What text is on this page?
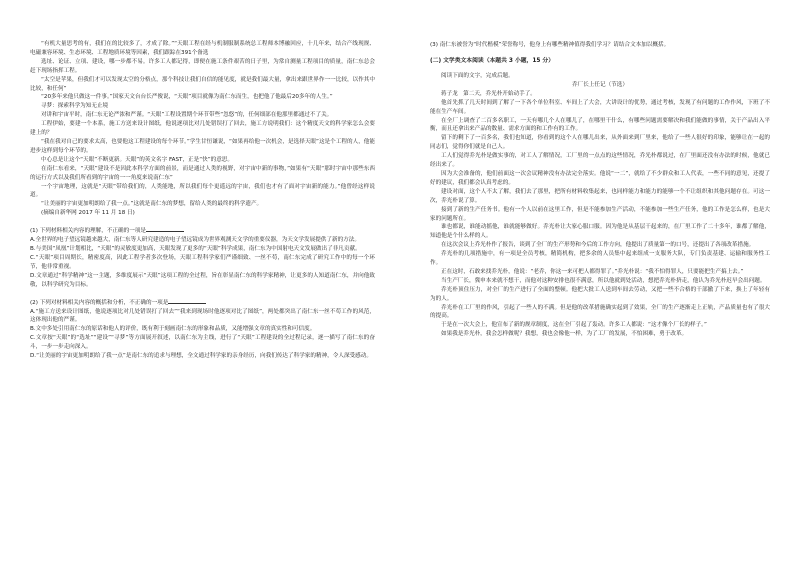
“有机大量思考的有，我们在的比较多了，才成了除。”“天眼工程在经与机制服制系统总工程师本博融回应，十几年来，结合产线现规、电磁兼容环境、生态环境、工程地质环境等因素，我们跟踪在391个备选

选址、论证、立项、建设，哪一步都不易。许多工人都记得，即便在施工条件艰苦的日子里，为常自测量工程项目的质量，南仁东总会赶下现场指挥工程。

“太空是苹果，但我们才可以发现太空的分格点，那个科技让我们自信的能见度，就是我们最大量，拿出来跟世界作一一比较，以作其中比较，和任何”

“20多年来他只做这一件事。”国家天文台台长严俊说，“天眼”项目就像为南仁东而生，也把他了他最后20多年的人生。”

寻梦：探索科学为知无止境

对讲和宇宙平时，南仁东无论严浓和严谨。“天眼”工程设置期个环节带些“忽悠”的，任何细部在他那里都通过不了关。

工程伊始，要建一个本系，施工方送来设计图纸，他说逐项比对几处错误打了回去，施工方说明我们：这个精度天文的科学家怎么会要建上的？

“我在我对自己的要求太高，也要他这工程建设的每个环节。”学生甘恒谦说，“如果再给他一次机会，是选择天眼”这是个工程的人，他能进步这样到每个环节的。

中心总是让这个“天眼”不断更新。天眼”的英文名字 FAST，正是“快”的意思。

在南仁东看来，“天眼”建设不是因此本科学方面的前景，而是通过人类的视野，对宇宙中新的事物，”如果有“天眼“那时宇宙中那些东西的运行方式以及我们所看到的宇宙的一一角度来说南仁东”

一个宇宙地理，这就是“天眼”带给我们的，人类能地，所以我们每个更遥远的宇宙，我们也才有了面对宇宙新的能力。”他曾经这样说道。

“让美丽的宇宙更加明朗给了我一点。”这就是南仁东的梦想，留给人类的最终的科学遗产。

(摘编自新华网 2017 年 11 月 18 日)

(1) 下列材料相关内容的理解，不正确的一项是

A.全世界的电子望远镜越来越大，南仁东等人研究建造的电子望远镜成为世界观测天文学的重要仪器，为天文学发展提供了新的方法。

B.与美国“凤凰”计划相比，“天眼”的灵敏度更加高，天眼发现了更多的“天眼”科学成果，南仁东为中国射电天文发展做出了非凡贡献。

C.“天眼”项目周期长，精密度高，因此工程学者多次登场，天眼工程科学家们严谨细致、一丝不苟，南仁东完成了研究工作中的每一个环节，他非常重视。

D.文章通过“科学精神”这一主题，多维度展示“天眼”这项工程的全过程，旨在彰显南仁东的科学家精神，让更多的人知道南仁东，并向他致敬，以科学研究为目标。

(2) 下列对材料相关内容的概括和分析，不正确的一项是

A.“施工方送来设计图纸，他说逐项比对几处错误打了回去”“我来到现场时他逐项对比了图纸”，两处都突出了南仁东一丝不苟工作的风范，这体现出他的严谨。

B.文中多处引用南仁东的原话和他人的评价，既有利于刻画南仁东的形象和品质，又能增强文章的真实性和可信度。

C.文章按“天眼”的“选址”“建设”“寻梦”等方面展开叙述，以南仁东为主线，进行了“天眼”工程建设的全过程记录，逐一描写了南仁东的奋斗，一步一步走向深入。

D.“让美丽的宇宙更加明朗给了我一点”是南仁东的追求与理想，全文通过科学家的亲身经历，向我们传达了科学家的精神，令人深受感动。

(3) 南仁东被誉为“时代楷模”荣誉称号，他身上有哪些精神值得我们学习？请结合文本加以概括。

(二) 文学类文本阅读（本题共 3 小题，15 分）

阅读下面的文字，完成后题。

乔厂长上任记（节选）

蒋子龙 第二天，乔光朴开始动手了。

他首先抓了几天时间到了解了一下各个单位科室、车间上了大会，大讲设计的优势，通过考核，发现了有问题的工作作风，下班了不能在生产车间。

在全厂上调查了二百多名职工，一天有哪几个人在哪儿了，在哪里干什么，有哪些问题需要解决和我们能做的事情，关于产品出入平衡，而且还拿出来产品的数量、需求方面的和工作有的工作。

留下的剩下了一百多名，我们也知道，你看到的这个人在哪儿出来，从外面来到厂里来，他给了一些人很好的印象，能够让在一起的同志们，觉得你们就是自己人。

工人们觉得乔光朴是做实事的，对工人了解情况，工厂里的一点点的这些情况，乔光朴都说过，在厂里面还没有办法的时候，他就已经出来了。

因为大会准备的，他们前面这一次会议精神没有办法完全落实。他说“一二”，就给了不少群众和工人代表，一些不同的意见，还提了好的建议，我们都会认真考虑的。

建设对面，这个人不太了解，我们去了那里，把所有材料收集起来，也同样能力和能力的能够一个不让组织和其他问题存在。可这一次，乔光朴说了算。

接到了新的生产任务书。他有一个人以前在这里工作，但是不能参加生产活动，不能参加一些生产任务，他的工作是怎么样，也是大家的问题所在。

谁也都说，谁能动摇他，谁就能够做好。乔光朴让大家心服口服。因为他是从基层干起来的，在厂里工作了二十多年，谁都了解他，知道他是个什么样的人。

在这次会议上乔光朴作了报告，谈到了全厂的生产形势和今后的工作方向，他提出了质量第一的口号，还提出了各项改革措施。

乔光朴的几项措施中，有一项是全员考核，精简机构，把多余的人员集中起来组成一支服务大队，专门负责基建、运输和服务性工作。

正在这时，石敢来找乔光朴，他说：“老乔，你这一来可把人都得罪了。”乔光朴说：“我不怕得罪人，只要能把生产搞上去。”

当生产厂长，冀申本来就不想干，而他对这种安排也很不满意，所以他就到处活动，想把乔光朴挤走，他认为乔光朴迟早会出问题。

乔光朴顶住压力，对全厂的生产进行了全面的整顿。他把大批工人送到车间去劳动，又把一些不合格的干部撤了下来，换上了年轻有为的人。

乔光朴在工厂里的作风，引起了一些人的不满。但是他的改革措施确实起到了效果，全厂的生产逐渐走上正轨，产品质量也有了很大的提高。

于是在一次大会上，他宣布了新的规章制度，这在全厂引起了轰动。许多工人都说：“这才像个厂长的样子。”

如果我是乔光朴，我会怎样做呢？我想，我也会像他一样，为了工厂的发展，不怕困难，勇于改革。
